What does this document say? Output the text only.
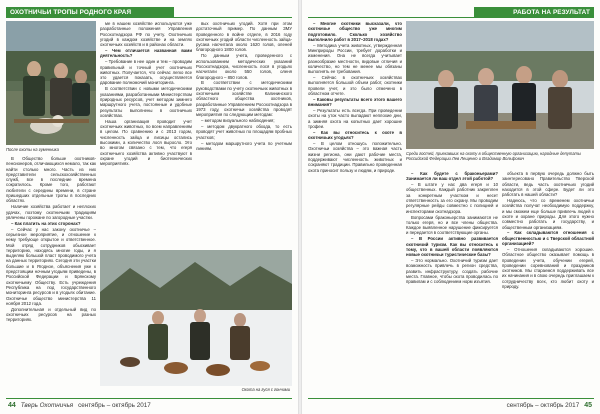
ОХОТНИЧЬИ ТРОПЫ РОДНОГО КРАЯ
После охоты на гуменника

В Общество больше охотников-пенсионеров, отличающихся немало, так как найти столько много. Часть из них представители сельскохозяйственных служб, все в последние времена сократилось. Кроме того, работают любители с середины времени, в стране пришедших отдельные тропы в последних областях.

Наличие хозяйства работает и неплохих удачах, поэтому охотничьим традициям увлечены горожане по загородные участки.

– Как платить на этих сторонах?

– Сейчас у нас закону охотничье – серьезное мероприятие, и отношение к нему требующе открытое и ответственное. Мой отряд сотрудников обыскивает территорию, находясь многие годы, и я выделяю большой пласт проводимого учета на данных территориях. Сегодня эти участки большие и в Ягодное, объяснения уже к предстоящим ночным угодьям приведены, в Российской Федерации и Брянскому охотничьему Обществу. Есть учреждения Республика на под государственного мониторинга ресурсов и в угодьях обитание. Охотничье общество министерства 11 ноября 2012 года.

Дополнительная и отдельный вид по охотничьих ресурсов на разных территориях.

ме в нашем хозяйстве используются уже разработанные положения Управления Росохотнадзора РФ по учету. Охотничьих угодий в каждом хозяйстве и на землях охотничьих хозяйств и в районах области.

– Чем отличается названная вами деятельность?

– Требование в нее один и тем – проводим правильный и точный учет охотничьих животных. Получается, что сейчас легко все это удается показать, осуществляется дарование полномочий мониторинга.

В соответствии с новыми методическими указаниями, разработанными Министерством природных ресурсов, учет методом зимнего маршрутного учета, постоянные и удобные результаты выполнены в охотничьих хозяйствах.

Наша организация проводит учет охотничьих животных, по всем направлениям в целом. По сравнению и с 2013 годом, численность зайца и лисицы остались высокими, а количество лося выросло. Это во многом связано с тем, что егеря охотничьего хозяйства активно участвуют в охране угодий и биотехнических мероприятиях.

вых охотничьих угодий. Хотя при этом достаточный пример. По данным ЗМУ проведенного в войне отделе, в 2016 году охотничьих угодий области численность зайца-русака насчитала около 1620 голов, оленей благородного 1800 голов.

По данным учета, проведенного с использованием методических указаний Росохотнадзора, численность лося в угодьях насчитали около 550 голов, оленя благородного – 850 голов.

В соответствии с методическими руководствами по учету охотничьих животных в охотничьем хозяйстве Калининского областного общества охотников, разработанные Управлением Росохотнадзора в 1973 году, охотничьи хозяйства проводят мероприятия по следующим методам:

– методом визуального наблюдения;

– методом двукратного обхода, то есть проводят учет животных по площадям пробных участков;

– методом маршрутного учета по учетным линиям.

Охота на гуся с гончими
44 Тверь Охотничья сентябрь – октябрь 2017
РАБОТА НА РЕЗУЛЬТАТ

– Многие охотники высказали, что охотничье общество уже многим подготовило. Сколько хозяйство выполнило работ в 2017–2018 годах?

– Методика учета животных, утвержденная Минприроды России, требует доработки и изменения. Она не всегда учитывает разнообразие местности, видовые отличия и количество, но тем не менее мы обязаны выполнять ее требования.

– Сейчас в охотничьих хозяйствах выполняется большой объем работ, охотники провели учет, и это было отмечено в областном отчете.

– Каковы результаты всего этого вашего внимания?

– Результаты есть всегда. При проведении охоты на уток часто выпадают неплохие дни, а зимняя охота на копытных дает хорошие трофеи.

– Как вы относитесь к охоте в охотничьих угодьях?

– В целом отношусь положительно. Охотничьи хозяйства – это важная часть жизни региона, они дают рабочие места, поддерживают численность животных и сохраняют традиции. Правильно проведенная охота приносит пользу и людям, и природе.

Среди гостей, приехавших на охоту в общественную организацию, народные депутаты Российской Федерации Лев Лещенко и Владимир Вольфович

– Как будете с браконьерами? Занимается ли ваш отдел этой работой?

– В штате у нас два егеря и 10 общественных. Каждый работник закреплен за конкретным участком и несет ответственность за его охрану. Мы проводим регулярные рейды совместно с полицией и инспекторами охотнадзора.

Вопросами браконьерства занимаются не только егеря, но и все члены общества. Каждое выявленное нарушение фиксируется и передается в соответствующие органы.

– В России активно развивается охотничий туризм. Как вы относитесь к тому, что в вашей области появляются новые охотничьи туристические базы?

– Это нормально. Охотничий туризм дает возможность привлечь в регион средства, развить инфраструктуру, создать рабочие места. Главное, чтобы охота проводилась по правилам и с соблюдением норм изъятия.

объекта в первую очередь должно быть заинтересовано Правительство Тверской области, ведь часть охотничьих угодий находится в этой сфере. Будет ли это работать в нашей области?

Надеюсь, что со временем охотничьи хозяйства получат необходимую поддержку, и мы сможем еще больше привлечь людей к охоте и охране природы. Для этого нужно совместно работать и государству, и общественным организациям.

– Как складываются отношения с общественностью и с Тверской областной организацией?

– Отношения складываются хорошие. Областное общество оказывает помощь в проведении учета, обучении егерей, проведении соревнований и праздников охотников. Мы стараемся поддерживать все их начинания и в свою очередь приглашаем к сотрудничеству всех, кто любит охоту и природу.

сентябрь – октябрь 2017 45
